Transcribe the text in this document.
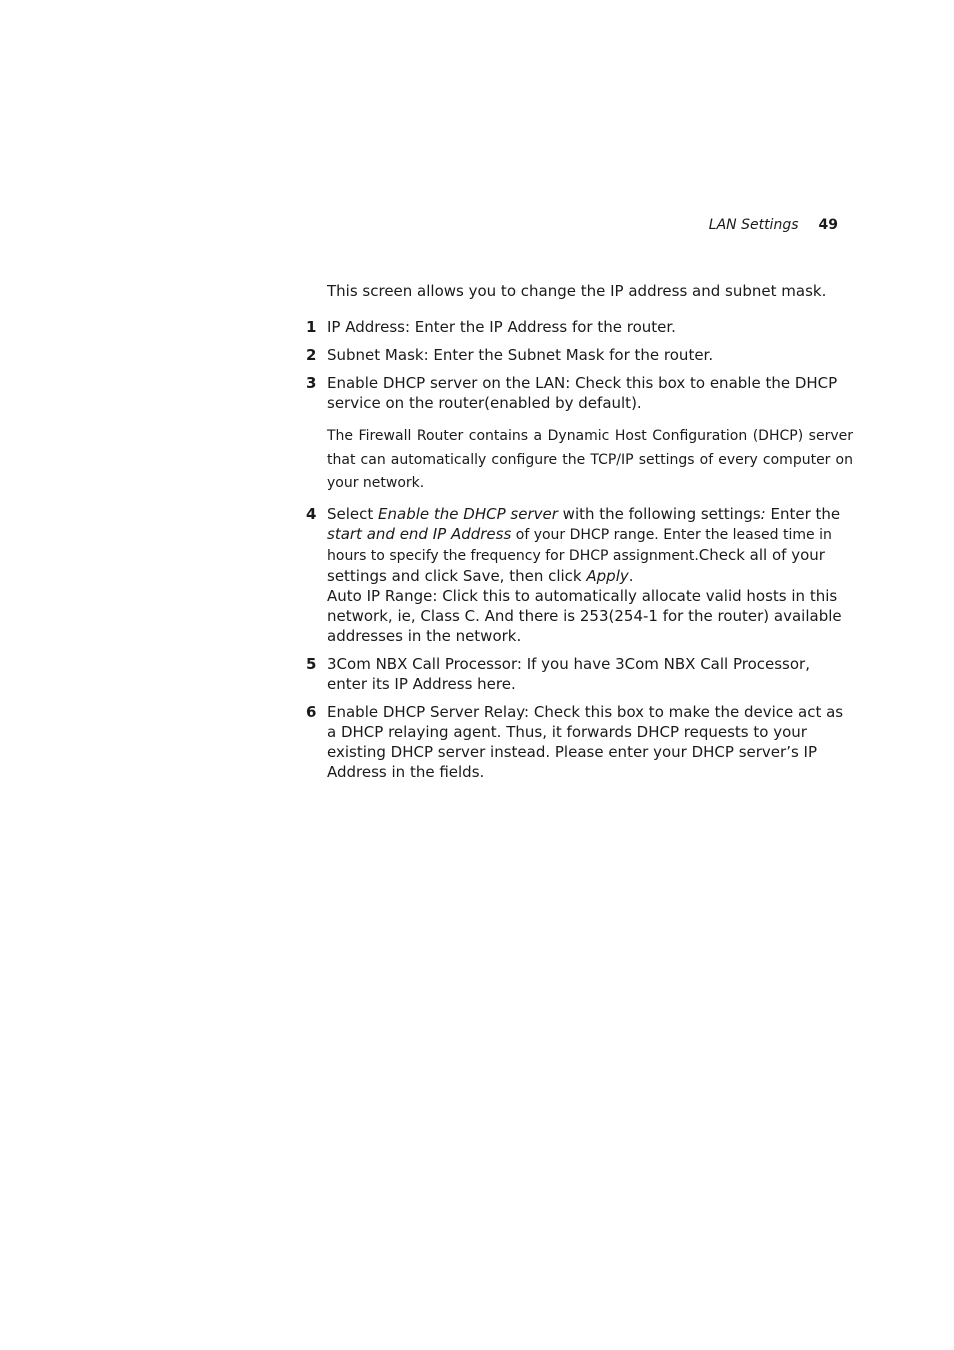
LAN Settings 49

This screen allows you to change the IP address and subnet mask.

1 IP Address: Enter the IP Address for the router.

2 Subnet Mask: Enter the Subnet Mask for the router.

3 Enable DHCP server on the LAN: Check this box to enable the DHCP service on the router(enabled by default).

The Firewall Router contains a Dynamic Host Configuration (DHCP) server that can automatically configure the TCP/IP settings of every computer on your network.

4 Select Enable the DHCP server with the following settings: Enter the start and end IP Address of your DHCP range. Enter the leased time in hours to specify the frequency for DHCP assignment.Check all of your settings and click Save, then click Apply.

Auto IP Range: Click this to automatically allocate valid hosts in this network, ie, Class C. And there is 253(254-1 for the router) available addresses in the network.

5 3Com NBX Call Processor: If you have 3Com NBX Call Processor, enter its IP Address here.

6 Enable DHCP Server Relay: Check this box to make the device act as a DHCP relaying agent. Thus, it forwards DHCP requests to your existing DHCP server instead. Please enter your DHCP server’s IP Address in the fields.
